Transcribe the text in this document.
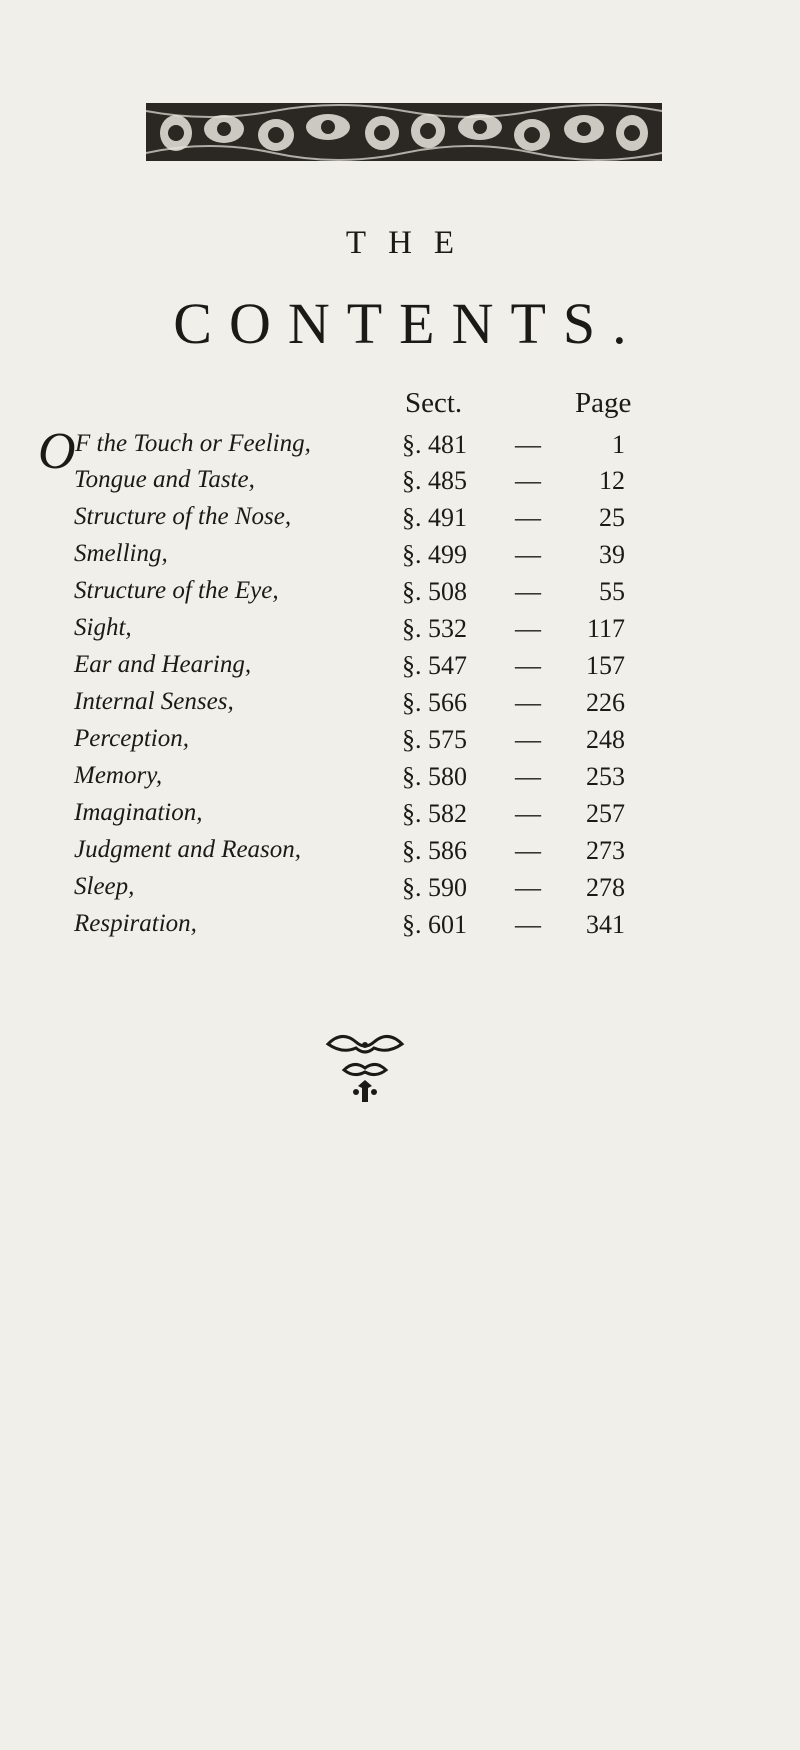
THE
CONTENTS.
Sect.	Page
O F the Touch or Feeling,	§. 481 —	1
Tongue and Taste,	§. 485 —	12
Structure of the Nose,	§. 491 —	25
Smelling,	§. 499 —	39
Structure of the Eye,	§. 508 —	55
Sight,	§. 532 —	117
Ear and Hearing,	§. 547 —	157
Internal Senses,	§. 566 —	226
Perception,	§. 575 —	248
Memory,	§. 580 —	253
Imagination,	§. 582 —	257
Judgment and Reason,	§. 586 —	273
Sleep,	§. 590 —	278
Respiration,	§. 601 —	341
